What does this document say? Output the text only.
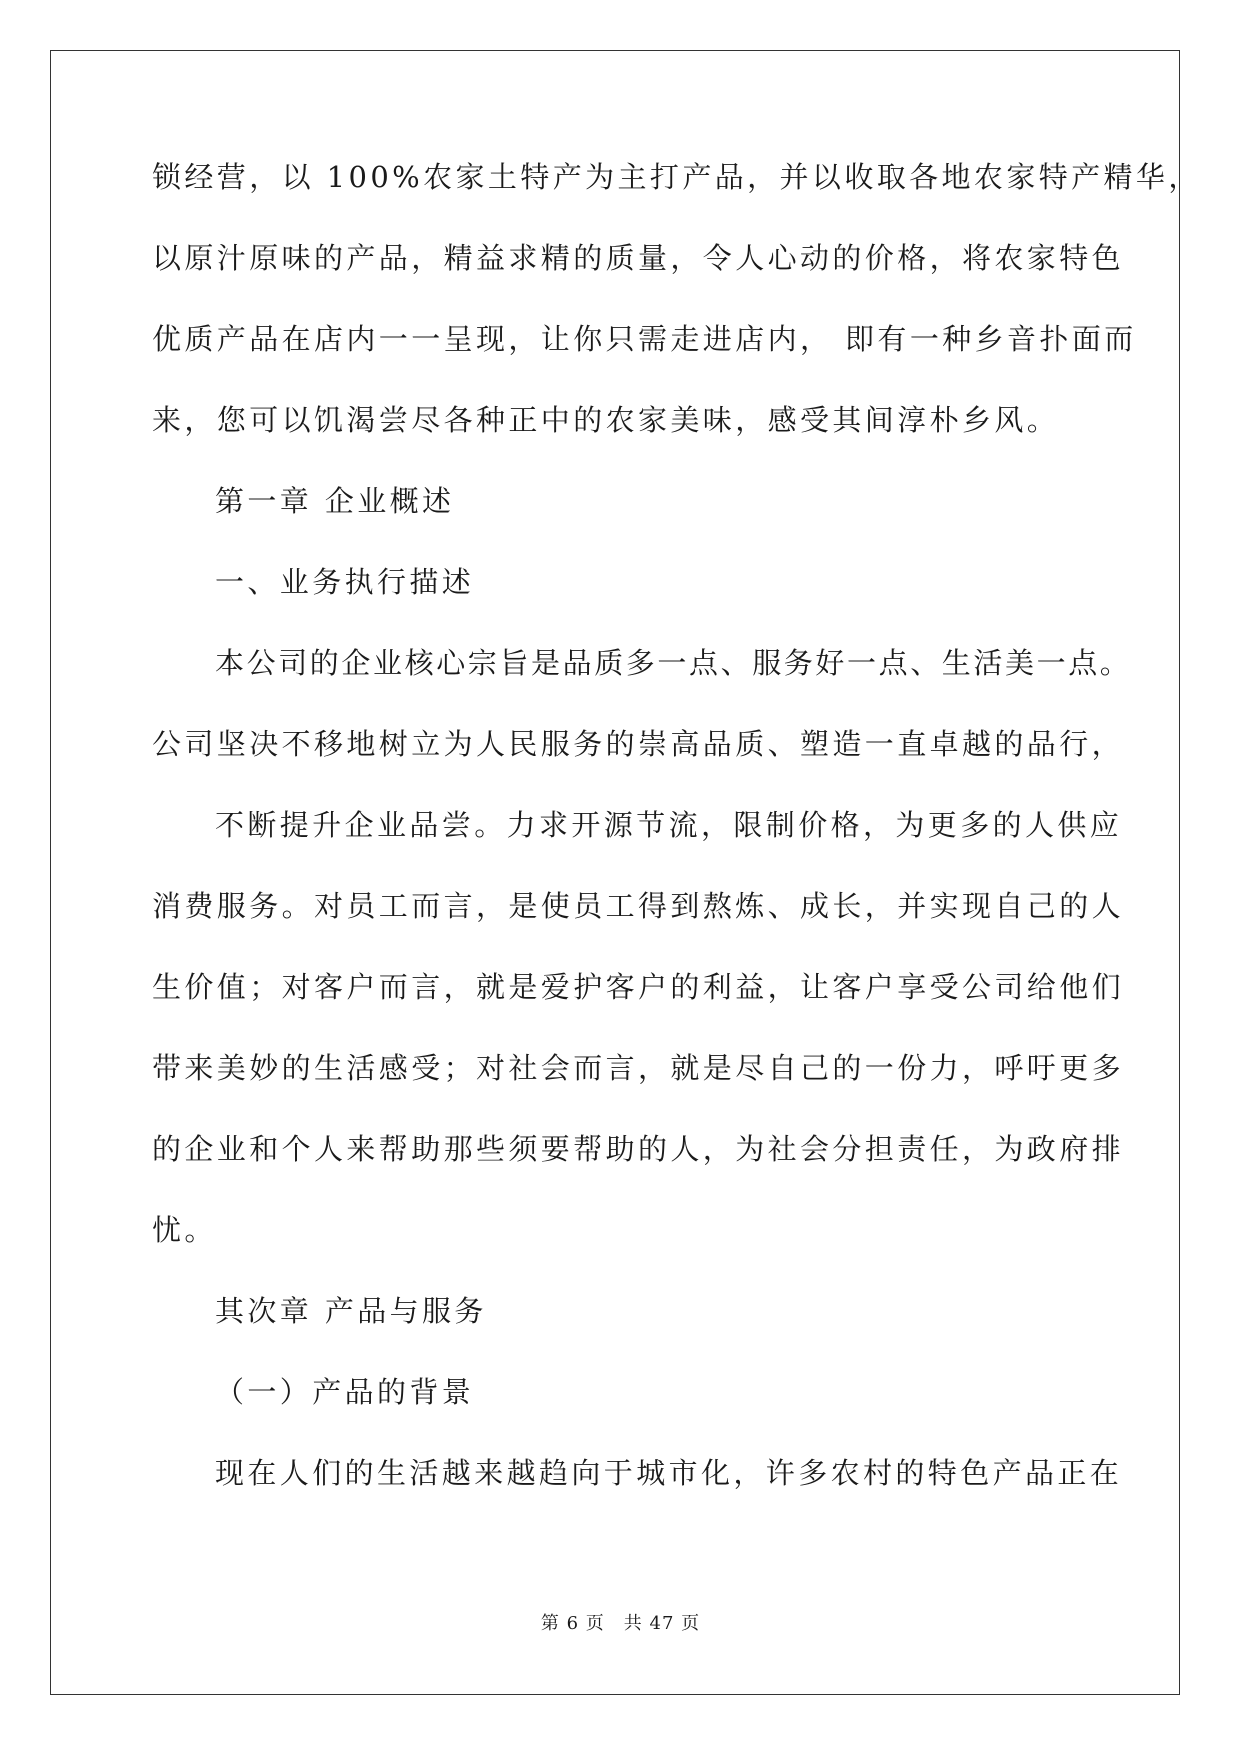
锁经营，以 100%农家土特产为主打产品，并以收取各地农家特产精华，
以原汁原味的产品，精益求精的质量，令人心动的价格，将农家特色
优质产品在店内一一呈现，让你只需走进店内， 即有一种乡音扑面而
来，您可以饥渴尝尽各种正中的农家美味，感受其间淳朴乡风。
第一章 企业概述
一、业务执行描述
本公司的企业核心宗旨是品质多一点、服务好一点、生活美一点。
公司坚决不移地树立为人民服务的崇高品质、塑造一直卓越的品行，
不断提升企业品尝。力求开源节流，限制价格，为更多的人供应
消费服务。对员工而言，是使员工得到熬炼、成长，并实现自己的人
生价值；对客户而言，就是爱护客户的利益，让客户享受公司给他们
带来美妙的生活感受；对社会而言，就是尽自己的一份力，呼吁更多
的企业和个人来帮助那些须要帮助的人，为社会分担责任，为政府排
忧。
其次章 产品与服务
（一）产品的背景
现在人们的生活越来越趋向于城市化，许多农村的特色产品正在
第 6 页　共 47 页
